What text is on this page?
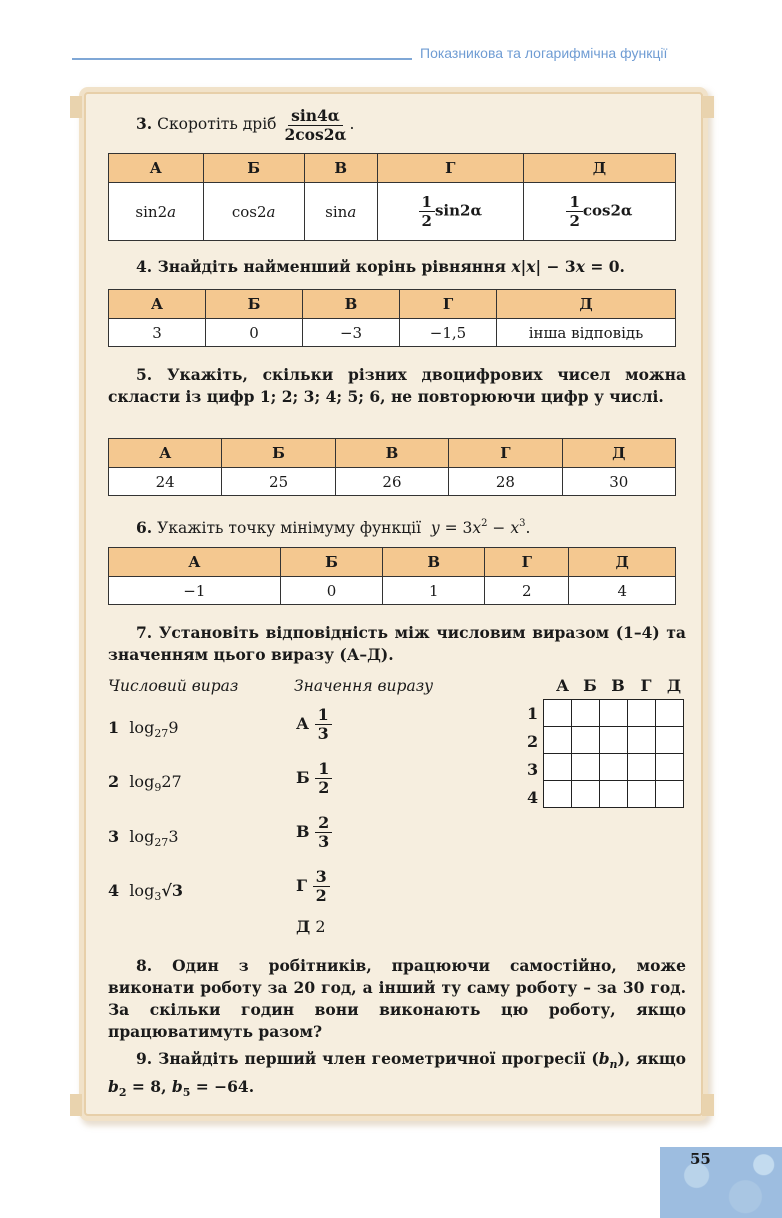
Показникова та логарифмічна функції
3. Скоротіть дріб $\frac{\sin 4\alpha}{2\cos 2\alpha}$ .
А	Б	В	Г	Д
sin2a	cos2a	sina	$\frac{1}{2} \sin 2\alpha$	$\frac{1}{2} \cos 2\alpha$
4. Знайдіть найменший корінь рівняння x|x| − 3x = 0.
А	Б	В	Г	Д
3	0	−3	−1,5	інша відповідь
5. Укажіть, скільки різних двоцифрових чисел можна скласти із цифр 1; 2; 3; 4; 5; 6, не повторюючи цифр у числі.
А	Б	В	Г	Д
24	25	26	28	30
6. Укажіть точку мінімуму функції $y = 3x^2 - x^3$.
А	Б	В	Г	Д
−1	0	1	2	4
7. Установіть відповідність між числовим виразом (1–4) та значенням цього виразу (А–Д).
Числовий вираз	Значення виразу
1 $\log_{27}9$
2 $\log_927$
3 $\log_{27}3$
4 $\log_3√3$
А $\frac{1}{3}$
Б $\frac{1}{2}$
В $\frac{2}{3}$
Г $\frac{3}{2}$
Д 2
А Б В Г Д
1
2
3
4

8. Один з робітників, працюючи самостійно, може виконати роботу за 20 год, а інший ту саму роботу – за 30 год. За скільки годин вони виконають цю роботу, якщо працюватимуть разом?
9. Знайдіть перший член геометричної прогресії $(b_n)$, якщо $b_2 = 8$, $b_5 = -64$.
55
